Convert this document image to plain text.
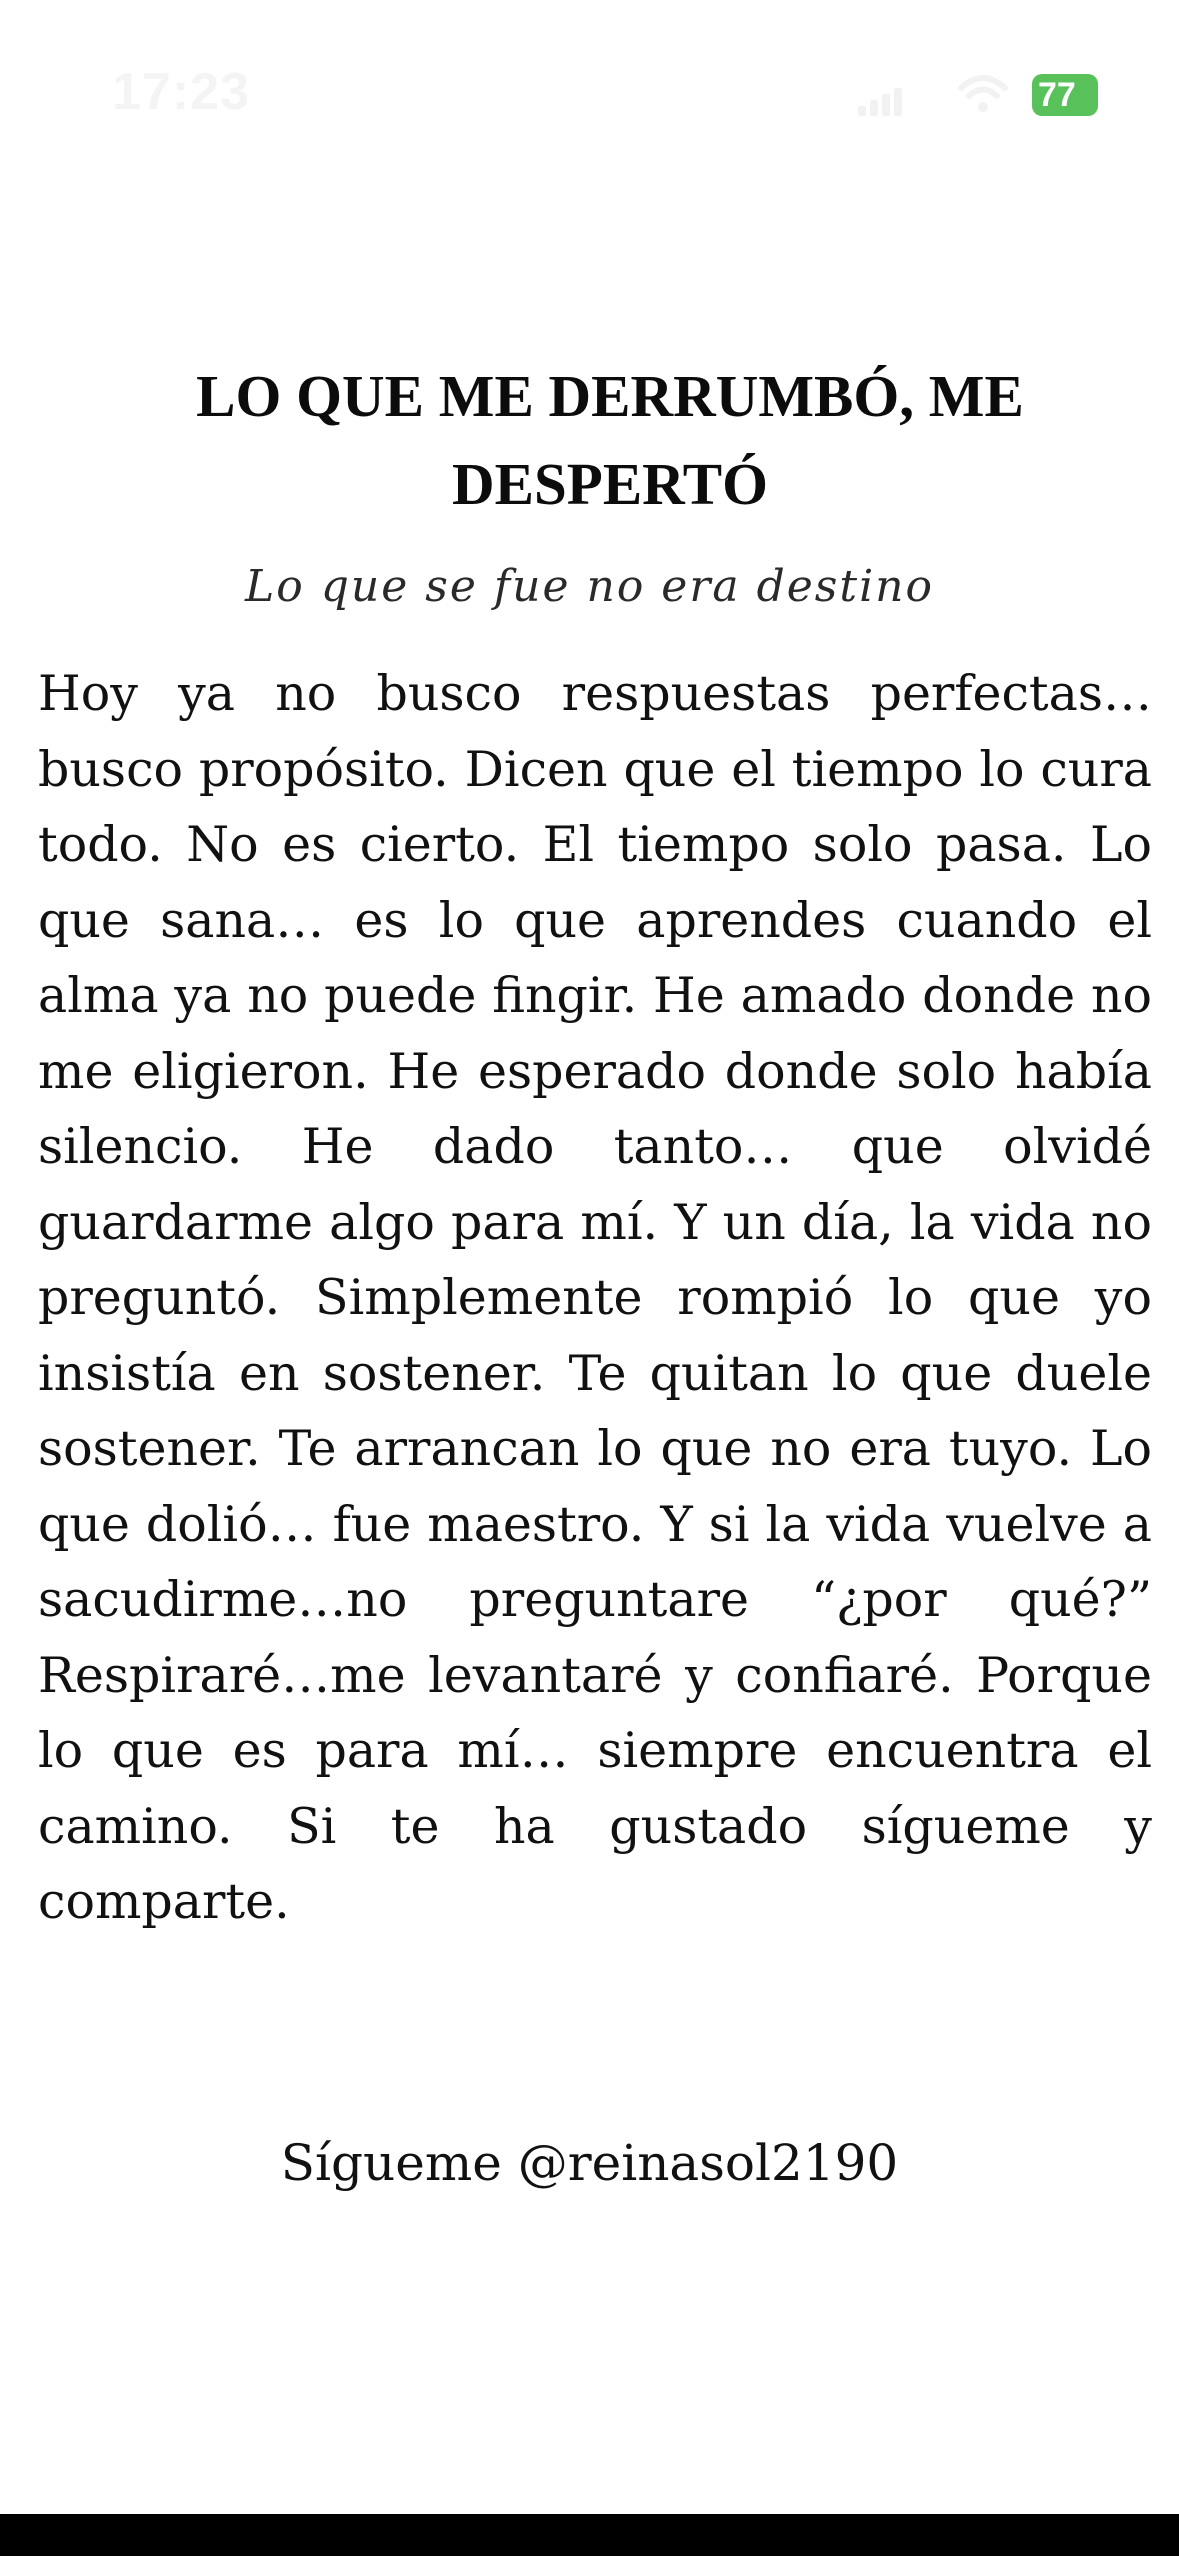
17:23	77
LO QUE ME DERRUMBÓ, ME DESPERTÓ
Lo que se fue no era destino

Hoy ya no busco respuestas perfectas… busco propósito. Dicen que el tiempo lo cura todo. No es cierto. El tiempo solo pasa. Lo que sana… es lo que aprendes cuando el alma ya no puede fingir. He amado donde no me eligieron. He esperado donde solo había silencio. He dado tanto… que olvidé guardarme algo para mí. Y un día, la vida no preguntó. Simplemente rompió lo que yo insistía en sostener. Te quitan lo que duele sostener. Te arrancan lo que no era tuyo. Lo que dolió… fue maestro. Y si la vida vuelve a sacudirme…no preguntare “¿por qué?” Respiraré…me levantaré y confiaré. Porque lo que es para mí… siempre encuentra el camino. Si te ha gustado sígueme y comparte.

Sígueme @reinasol2190
